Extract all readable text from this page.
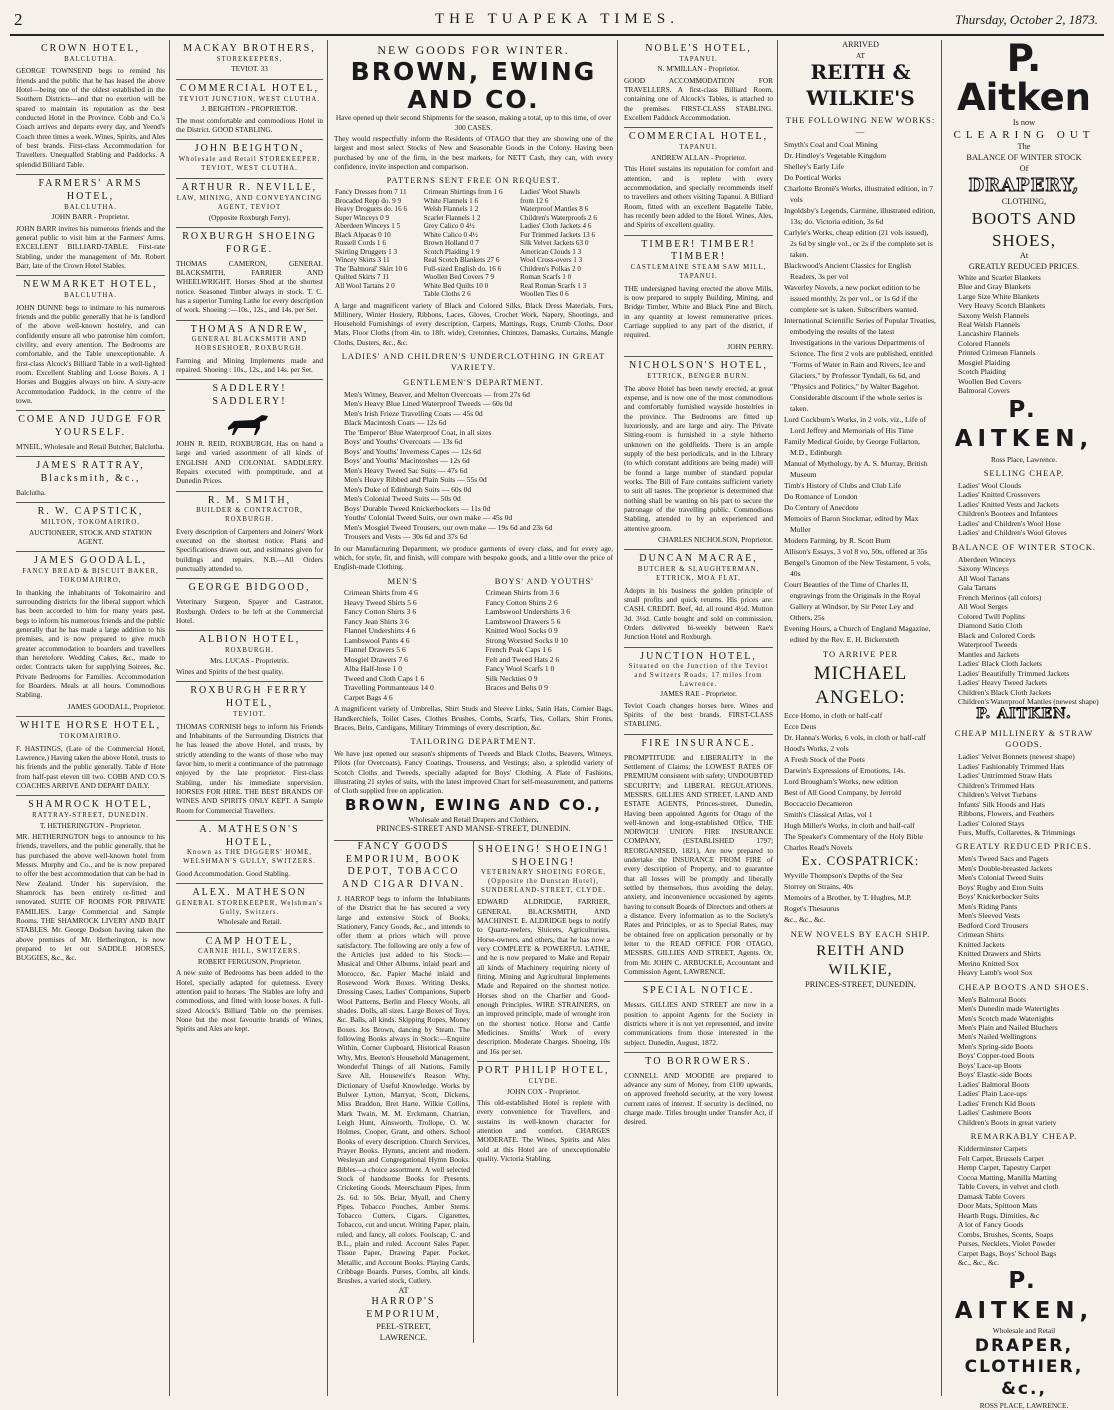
2	THE TUAPEKA TIMES.	Thursday, October 2, 1873.
CROWN HOTEL,
BALCLUTHA.
GEORGE TOWNSEND begs to remind his friends and the public that he has leased the above Hotel—being one of the oldest established in the Southern Districts—and that no exertion will be spared to maintain its reputation as the best conducted Hotel in the Province. Cobb and Co.'s Coach arrives and departs every day, and Yeend's Coach three times a week. Wines, Spirits, and Ales of best brands. First-class Accommodation for Travellers. Unequalled Stabling and Paddocks. A splendid Billiard Table.
FARMERS' ARMS HOTEL,
BALCLUTHA.
JOHN BARR - Proprietor.
JOHN BARR invites his numerous friends and the general public to visit him at the Farmers' Arms. EXCELLENT BILLIARD-TABLE. First-rate Stabling, under the management of Mr. Robert Barr, late of the Crown Hotel Stables.
NEWMARKET HOTEL,
BALCLUTHA.
JOHN DUNNE begs to intimate to his numerous friends and the public generally that he is landlord of the above well-known hostelry, and can confidently ensure all who patronise him comfort, civility, and every attention. The Bedrooms are comfortable, and the Table unexceptionable. A first-class Alcock's Billiard Table in a well-lighted room. Excellent Stabling and Loose Boxes. A 1 Horses and Buggies always on hire. A sixty-acre Accommodation Paddock, in the centre of the town.
COME AND JUDGE FOR YOURSELF.
M'NEIL, Wholesale and Retail Butcher, Balclutha.
JAMES RATTRAY, Blacksmith, &c.,
Balclutha.
R. W. CAPSTICK,
MILTON, TOKOMAIRIRO,
AUCTIONEER, STOCK AND STATION AGENT.
JAMES GOODALL,
FANCY BREAD & BISCUIT BAKER, TOKOMAIRIRO,
In thanking the inhabitants of Tokomairiro and surrounding districts for the liberal support which has been accorded to him for many years past, begs to inform his numerous friends and the public generally that he has made a large addition to his premises, and is now prepared to give much greater accommodation to boarders and travellers than heretofore. Wedding Cakes, &c., made to order. Contracts taken for supplying Soirees, &c. Private Bedrooms for Families. Accommodation for Boarders. Meals at all hours. Commodious Stabling.
JAMES GOODALL, Proprietor.
WHITE HORSE HOTEL,
TOKOMAIRIRO.
F. HASTINGS, (Late of the Commercial Hotel, Lawrence,) Having taken the above Hotel, trusts to his friends and the public generally. Table d' Hote from half-past eleven till two. COBB AND CO.'S COACHES ARRIVE AND DEPART DAILY.
SHAMROCK HOTEL,
RATTRAY-STREET, DUNEDIN.
T. HETHERINGTON - Proprietor.
MR. HETHERINGTON begs to announce to his friends, travellers, and the public generally, that he has purchased the above well-known hotel from Messrs. Murphy and Co., and he is now prepared to offer the best accommodation that can be had in New Zealand. Under his supervision, the Shamrock has been entirely re-fitted and renovated. SUITE OF ROOMS FOR PRIVATE FAMILIES. Large Commercial and Sample Rooms. THE SHAMROCK LIVERY AND BAIT STABLES. Mr. George Dodson having taken the above premises of Mr. Hetherington, is now prepared to let out SADDLE HORSES, BUGGIES, &c., &c.
MACKAY BROTHERS,
STOREKEEPERS,
TEVIOT. 33
COMMERCIAL HOTEL,
TEVIOT JUNCTION, WEST CLUTHA.
J. BEIGHTON - PROPRIETOR.
The most comfortable and commodious Hotel in the District. GOOD STABLING.
JOHN BEIGHTON,
Wholesale and Retail STOREKEEPER, TEVIOT, WEST CLUTHA.
ARTHUR R. NEVILLE,
LAW, MINING, AND CONVEYANCING AGENT, TEVIOT
(Opposite Roxburgh Ferry).
ROXBURGH SHOEING FORGE.
THOMAS CAMERON, GENERAL BLACKSMITH, FARRIER AND WHEELWRIGHT. Horses Shod at the shortest notice. Seasoned Timber always in stock. T. C. has a superior Turning Lathe for every description of work. Shoeing :—10s., 12s., and 14s. per Set.
THOMAS ANDREW,
GENERAL BLACKSMITH AND HORSESHOER, ROXBURGH.
Farming and Mining Implements made and repaired. Shoeing : 10s., 12s., and 14s. per Set.
SADDLERY! SADDLERY!
JOHN R. REID, ROXBURGH, Has on hand a large and varied assortment of all kinds of ENGLISH AND COLONIAL SADDLERY. Repairs executed with promptitude, and at Dunedin Prices.
R. M. SMITH,
BUILDER & CONTRACTOR, ROXBURGH.
Every description of Carpenters and Joiners' Work executed on the shortest notice. Plans and Specifications drawn out, and estimates given for buildings and repairs. N.B.—All Orders punctually attended to.
GEORGE BIDGOOD,
Veterinary Surgeon, Spayer and Castrator, Roxburgh. Orders to be left at the Commercial Hotel.
ALBION HOTEL,
ROXBURGH.
Mrs. LUCAS - Proprietrix.
Wines and Spirits of the best quality.
ROXBURGH FERRY HOTEL,
TEVIOT.
THOMAS CORNISH begs to inform his Friends and Inhabitants of the Surrounding Districts that he has leased the above Hotel, and trusts, by strictly attending to the wants of those who may favor him, to merit a continuance of the patronage enjoyed by the late proprietor. First-class Stabling, under his immediate supervision. HORSES FOR HIRE. THE BEST BRANDS OF WINES AND SPIRITS ONLY KEPT. A Sample Room for Commercial Travellers.
A. MATHESON'S HOTEL,
Known as THE DIGGERS' HOME, WELSHMAN'S GULLY, SWITZERS.
Good Accommodation. Good Stabling.
ALEX. MATHESON
GENERAL STOREKEEPER, Welshman's Gully, Switzers.
Wholesale and Retail.
CAMP HOTEL,
CARNIE HILL, SWITZERS.
ROBERT FERGUSON, Proprietor.
A new suite of Bedrooms has been added to the Hotel, specially adapted for quietness. Every attention paid to horses. The Stables are lofty and commodious, and fitted with loose boxes. A full-sized Alcock's Billiard Table on the premises. None but the most favourite brands of Wines, Spirits and Ales are kept.
NEW GOODS FOR WINTER.
BROWN, EWING AND CO.
Have opened up their second Shipments for the season, making a total, up to this time, of over 300 CASES.
They would respectfully inform the Residents of OTAGO that they are showing one of the largest and most select Stocks of New and Seasonable Goods in the Colony. Having been purchased by one of the firm, in the best markets, for NETT Cash, they can, with every confidence, invite inspection and comparison.
PATTERNS SENT FREE ON REQUEST.
Fancy Dresses from 7 11	Crimean Shirtings from 1 6	Ladies' Wool Shawls
Brocaded Repp do. 9 9	White Flannels 1 6	from 12 6
Heavy Droguets do. 16 6	Welsh Flannels 1 2	Waterproof Mantles 8 6
Super Winceys 0 9	Scarlet Flannels 1 2	Children's Waterproofs 2 6
Aberdeen Winceys 1 5	Grey Calico 0 4½	Ladies' Cloth Jackets 4 6
Black Alpacas 0 10	White Calico 0 4½	Fur Trimmed Jackets 13 6
Russell Cords 1 6	Brown Holland 0 7	Silk Velvet Jackets 63 0
Skirting Druggets 1 3	Scotch Plaiding 1 9	American Clouds 1 3
Wincey Skirts 3 11	Real Scotch Blankets 27 6	Wool Cross-overs 1 3
The 'Balmoral' Skirt 10 6	Full-sized English do. 16 6	Children's Polkas 2 0
Quilted Skirts 7 11	Woollen Bed Covers 7 9	Roman Scarfs 1 0
All Wool Tartans 2 0	White Bed Quilts 10 0	Real Roman Scarfs 1 3
	Table Cloths 2 6	Woollen Ties 0 6
A large and magnificent variety of Black and Colored Silks, Black Dress Materials, Furs, Millinery, Winter Hosiery, Ribbons, Laces, Gloves, Crochet Work, Napery, Shootings, and Household Furnishings of every description, Carpets, Mattings, Rugs, Crumb Cloths, Door Mats, Floor Cloths (from 4in. to 18ft. wide), Cretonnes, Chintzes, Damasks, Curtains, Mangle Cloths, Dusters, &c., &c.
LADIES' AND CHILDREN'S UNDERCLOTHING IN GREAT VARIETY.
GENTLEMEN'S DEPARTMENT.
Men's Witney, Beaver, and Melton Overcoats — from 27s 6d
Men's Heavy Blue Lined Waterproof Tweeds — 60s 0d
Men's Irish Frieze Travelling Coats — 45s 0d
Black Macintosh Coats — 12s 6d
The 'Emperor' Blue Waterproof Coat, in all sizes
Boys' and Youths' Overcoats — 13s 6d
Boys' and Youths' Inverness Capes — 12s 6d
Boys' and Youths' Macintoshes — 12s 6d
Men's Heavy Tweed Sac Suits — 47s 6d
Men's Heavy Ribbed and Plain Suits — 55s 0d
Men's Duke of Edinburgh Suits — 60s 0d
Men's Colonial Tweed Suits — 50s 0d
Boys' Durable Tweed Knickerbockers — 11s 0d
Youths' Colonial Tweed Suits, our own make — 45s 0d
Men's Mosgiel Tweed Trousers, our own make — 19s 6d and 23s 6d
Trousers and Vests — 30s 6d and 37s 6d
In our Manufacturing Department, we produce garments of every class, and for every age, which, for style, fit, and finish, will compare with bespoke goods, and a little over the price of English-made Clothing.
MEN'S
Crimean Shirts from 4 6
Heavy Tweed Shirts 5 6
Fancy Cotton Shirts 3 6
Fancy Jean Shirts 3 6
Flannel Undershirts 4 6
Lambswool Pants 4 6
Flannel Drawers 5 6
Mosgiel Drawers 7 6
Alba Half-hose 1 0
Tweed and Cloth Caps 1 6
Travelling Portmanteaus 14 0
Carpet Bags 4 6
BOYS' AND YOUTHS'
Crimean Shirts from 3 6
Fancy Cotton Shirts 2 6
Lambswool Undershirts 3 6
Lambswool Drawers 5 6
Knitted Wool Socks 0 9
Strong Worsted Socks 0 10
French Peak Caps 1 6
Felt and Tweed Hats 2 6
Fancy Wool Scarfs 1 0
Silk Neckties 0 9
Braces and Belts 0 9
A magnificent variety of Umbrellas, Shirt Studs and Sleeve Links, Satin Hats, Cornier Bags, Handkerchiefs, Toilet Cases, Clothes Brushes, Combs, Scarfs, Ties, Collars, Shirt Fronts, Braces, Belts, Cardigans, Military Trimmings of every description, &c.
TAILORING DEPARTMENT.
We have just opened our season's shipments of Tweeds and Black Cloths, Beavers, Witneys, Pilots (for Overcoats), Fancy Coatings, Trouserss, and Vestings; also, a splendid variety of Scotch Cloths and Tweeds, specially adapted for Boys' Clothing. A Plate of Fashions, illustrating 21 styles of suits, with the latest improved Chart for self-measurement, and patterns of Cloth supplied free on application.
BROWN, EWING AND CO.,
Wholesale and Retail Drapers and Clothiers,
PRINCES-STREET AND MANSE-STREET, DUNEDIN.
FANCY GOODS EMPORIUM, BOOK DEPOT, TOBACCO AND CIGAR DIVAN.
J. HARROP begs to inform the Inhabitants of the District that he has secured a very large and extensive Stock of Books, Stationery, Fancy Goods, &c., and intends to offer them at prices which will prove satisfactory. The following are only a few of the Articles just added to his Stock:— Musical and Other Albums, inlaid pearl and Morocco, &c. Papier Maché inlaid and Rosewood Work Boxes. Writing Desks, Dressing Cases, Ladies' Companions, Superb Wool Patterns, Berlin and Fleecy Wools, all shades. Dolls, all sizes. Large Boxes of Toys, &c. Balls, all kinds. Skipping Ropes, Money Boxes. Jos Brown, dancing by Steam. The following Books always in Stock:—Enquire Within, Corner Cupboard, Historical Reason Why, Mrs. Beeton's Household Management, Wonderful Things of all Nations, Family Save All, Housewife's Reason Why, Dictionary of Useful Knowledge. Works by Bulwer Lytton, Marryat, Scott, Dickens, Miss Braddon, Bret Harte, Wilkie Collins, Mark Twain, M. M. Erckmann, Chatrian, Leigh Hunt, Ainsworth, Trollope, O. W. Holmes, Cooper, Grant, and others. School Books of every description. Church Services, Prayer Books. Hymns, ancient and modern. Wesleyan and Congregational Hymn Books. Bibles—a choice assortment. A well selected Stock of handsome Books for Presents. Cricketing Goods. Meerschaum Pipes, from 2s. 6d. to 50s. Briar, Myall, and Cherry Pipes. Tobacco Pouches, Amber Stems. Tobacco Cutters, Cigars. Cigarettes, Tobacco, cut and uncut. Writing Paper, plain, ruled, and fancy, all colors. Foolscap, C. and B.L., plain and ruled. Account Sales Paper. Tissue Paper, Drawing Paper. Pocket, Metallic, and Account Books. Playing Cards, Cribbage Boards. Purses, Combs, all kinds. Brushes, a varied stock, Cutlery.
AT
HARROP'S EMPORIUM,
PEEL-STREET,
LAWRENCE.
SHOEING! SHOEING! SHOEING!
VETERINARY SHOEING FORGE, (Opposite the Dunstan Hotel), SUNDERLAND-STREET, CLYDE.
EDWARD ALDRIDGE, FARRIER, GENERAL BLACKSMITH, AND MACHINIST. E. ALDRIDGE begs to notify to Quartz-reefers, Sluicers, Agriculturists, Horse-owners, and others, that he has now a very COMPLETE & POWERFUL LATHE, and he is now prepared to Make and Repair all kinds of Machinery requiring nicety of fitting. Mining and Agricultural Implements Made and Repaired on the shortest notice. Horses shod on the Charlier and Good-enough Principles. WIRE STRAINERS, on an improved principle, made of wrought iron on the shortest notice. Horse and Cattle Medicines. Smiths' Work of every description. Moderate Charges. Shoeing, 10s and 16s per set.
PORT PHILIP HOTEL,
CLYDE.
JOHN COX - Proprietor.
This old-established Hotel is replete with every convenience for Travellers, and sustains its well-known character for attention and comfort. CHARGES MODERATE. The Wines, Spirits and Ales sold at this Hotel are of unexceptionable quality. Victoria Stabling.
NOBLE'S HOTEL,
TAPANUI.
N. M'MILLAN - Proprietor.
GOOD ACCOMMODATION FOR TRAVELLERS. A first-class Billiard Room, containing one of Alcock's Tables, is attached to the premises. FIRST-CLASS STABLING. Excellent Paddock Accommodation.
COMMERCIAL HOTEL,
TAPANUI.
ANDREW ALLAN - Proprietor.
This Hotel sustains its reputation for comfort and attention, and is replete with every accommodation, and specially recommends itself to travellers and others visiting Tapanui. A Billiard Room, fitted with an excellent Bagatelle Table, has recently been added to the Hotel. Wines, Ales, and Spirits of excellent quality.
TIMBER! TIMBER! TIMBER!
CASTLEMAINE STEAM SAW MILL, TAPANUI.
THE undersigned having erected the above Mills, is now prepared to supply Building, Mining, and Bridge Timber, White and Black Pine and Birch, in any quantity at lowest remunerative prices. Carriage supplied to any part of the district, if required.
JOHN PERRY.
NICHOLSON'S HOTEL,
ETTRICK, BENGER BURN.
The above Hotel has been newly erected, at great expense, and is now one of the most commodious and comfortably furnished wayside hostelries in the province. The Bedrooms are fitted up luxuriously, and are large and airy. The Private Sitting-room is furnished in a style hitherto unknown on the goldfields. There is an ample supply of the best periodicals, and in the Library (to which constant additions are being made) will be found a large number of standard popular works. The Bill of Fare contains sufficient variety to suit all tastes. The proprietor is determined that nothing shall be wanting on his part to secure the patronage of the travelling public. Commodious Stabling, attended to by an experienced and attentive groom.
CHARLES NICHOLSON, Proprietor.
DUNCAN MACRAE,
BUTCHER & SLAUGHTERMAN, ETTRICK, MOA FLAT,
Adopts in his business the golden principle of small profits and quick returns. His prices are: CASH. CREDIT. Beef, 4d. all round 4½d. Mutton 3d. 3½d. Cattle bought and sold on commission. Orders delivered bi-weekly between Rae's Junction Hotel and Roxburgh.
JUNCTION HOTEL,
Situated on the Junction of the Teviot and Switzers Roads, 17 miles from Lawrence.
JAMES RAE - Proprietor.
Teviot Coach changes horses here. Wines and Spirits of the best brands. FIRST-CLASS STABLING.
FIRE INSURANCE.
PROMPTITUDE and LIBERALITY in the Settlement of Claims; the LOWEST RATES OF PREMIUM consistent with safety; UNDOUBTED SECURITY; and LIBERAL REGULATIONS. MESSRS. GILLIES AND STREET, LAND AND ESTATE AGENTS, Princes-street, Dunedin, Having been appointed Agents for Otago of the well-known and long-established Office, THE NORWICH UNION FIRE INSURANCE COMPANY, (ESTABLISHED 1797; REORGANISED, 1821), Are now prepared to undertake the INSURANCE FROM FIRE of every description of Property, and to guarantee that all losses will be promptly and liberally settled by themselves, thus avoiding the delay, anxiety, and inconvenience occasioned by agents having to consult Boards of Directors and others at a distance. Every information as to the Society's Rates and Principles, or as to Special Rates, may be obtained free on application personally or by letter to the READ OFFICE FOR OTAGO, MESSRS. GILLIES AND STREET, Agents. Or, from Mr. JOHN C. ARBUCKLE, Accountant and Commission Agent, LAWRENCE.
SPECIAL NOTICE.
Messrs. GILLIES AND STREET are now in a position to appoint Agents for the Society in districts where it is not yet represented, and invite communications from those interested in the subject. Dunedin, August, 1872.
TO BORROWERS.
CONNELL AND MOODIE are prepared to advance any sum of Money, from £100 upwards, on approved freehold security, at the very lowest current rates of interest. If security is declined, no charge made. Titles brought under Transfer Act, if desired.
ARRIVED
AT
REITH & WILKIE'S
THE FOLLOWING NEW WORKS:—
Smyth's Coal and Coal Mining
Dr. Hindley's Vegetable Kingdom
Shelley's Early Life
Do Poetical Works
Charlotte Brontë's Works, illustrated edition, in 7 vols
Ingoldsby's Legends, Carmine, illustrated edition, 13s; do. Victoria edition, 3s 6d
Carlyle's Works, cheap edition (21 vols issued), 2s 6d by single vol., or 2s if the complete set is taken.
Blackwood's Ancient Classics for English Readers, 3s per vol
Waverley Novels, a new pocket edition to be issued monthly, 2s per vol., or 1s 6d if the complete set is taken. Subscribers wanted.
International Scientific Series of Popular Treaties, embodying the results of the latest Investigations in the various Departments of Science. The first 2 vols are published, entitled "Forms of Water in Rain and Rivers, Ice and Glaciers," by Professor Tyndall, 6s 6d, and "Physics and Politics," by Walter Bagehot. Considerable discount if the whole series is taken.
Lord Cockburn's Works, in 2 vols, viz., Life of Lord Jeffrey and Memorials of His Time
Family Medical Guide, by George Fullarton, M.D., Edinburgh
Manual of Mythology, by A. S. Murray, British Museum
Timb's History of Clubs and Club Life
Do Romance of London
Do Century of Anecdote
Memoirs of Baron Stockmar, edited by Max Muller
Modern Farming, by R. Scott Burn
Allison's Essays, 3 vol 8 vo, 50s, offered at 35s
Bengel's Gnomon of the New Testament, 5 vols, 40s
Court Beauties of the Time of Charles II, engravings from the Originals in the Royal Gallery at Windsor, by Sir Peter Ley and Others, 25s
Evening Hours, a Church of England Magazine, edited by the Rev. E. H. Bickersteth
TO ARRIVE PER
MICHAEL ANGELO:
Ecce Homo, in cloth or half-calf
Ecce Deus
Dr. Hanna's Works, 6 vols, in cloth or half-calf
Hood's Works, 2 vols
A Fresh Stock of the Poets
Darwin's Expressions of Emotions, 14s.
Lord Brougham's Works, new edition
Best of All Good Company, by Jerrold
Boccaccio Decameron
Smith's Classical Atlas, vol 1
Hugh Miller's Works, in cloth and half-calf
The Speaker's Commentary of the Holy Bible
Charles Read's Novels
Ex. COSPATRICK:
Wyville Thompson's Depths of the Sea
Storrey on Strains, 40s
Memoirs of a Brother, by T. Hughes, M.P.
Roget's Thesaurus
&c., &c., &c.
NEW NOVELS BY EACH SHIP.
REITH AND WILKIE,
PRINCES-STREET, DUNEDIN.
P. Aitken
Is now
CLEARING OUT
The
BALANCE OF WINTER STOCK
Of
DRAPERY,
CLOTHING,
BOOTS AND SHOES,
At
GREATLY REDUCED PRICES.
White and Scarlet Blankets
Blue and Gray Blankets
Large Size White Blankets
Very Heavy Scotch Blankets
Saxony Welsh Flannels
Real Welsh Flannels
Lancashire Flannels
Colored Flannels
Printed Crimean Flannels
Mosgiel Plaiding
Scotch Plaiding
Woollen Bed Covers
Balmoral Covers
P. AITKEN,
Ross Place, Lawrence.
SELLING CHEAP.
Ladies' Wool Clouds
Ladies' Knitted Crossovers
Ladies' Knitted Vests and Jackets
Children's Bootees and Infantees
Ladies' and Children's Wool Hose
Ladies' and Children's Wool Gloves
BALANCE OF WINTER STOCK.
Aberdeen Winceys
Saxony Winceys
All Wool Tartans
Gala Tartans
French Merinos (all colors)
All Wool Serges
Colored Twill Poplins
Diamond Satin Cloth
Black and Colored Cords
Waterproof Tweeds
Mantles and Jackets
Ladies' Black Cloth Jackets
Ladies' Beautifully Trimmed Jackets
Ladies' Heavy Tweed Jackets
Children's Black Cloth Jackets
Children's Waterproof Mantles (newest shape)
P. AITKEN.
CHEAP MILLINERY & STRAW GOODS.
Ladies' Velvet Bonnets (newest shape)
Ladies' Fashionably Trimmed Hats
Ladies' Untrimmed Straw Hats
Children's Trimmed Hats
Children's Velvet Turbans
Infants' Silk Hoods and Hats
Ribbons, Flowers, and Feathers
Ladies' Colored Stays
Furs, Muffs, Collarettes, & Trimmings
GREATLY REDUCED PRICES.
Men's Tweed Sacs and Pagets
Men's Double-breasted Jackets
Men's Colonial Tweed Suits
Boys' Rugby and Eton Suits
Boys' Knickerbocker Suits
Men's Riding Pants
Men's Sleeved Vests
Bedford Cord Trousers
Crimean Shirts
Knitted Jackets
Knitted Drawers and Shirts
Merino Knitted Sox
Heavy Lamb's wool Sox
CHEAP BOOTS AND SHOES.
Men's Balmoral Boots
Men's Dunedin made Watertights
Men's Scotch made Watertights
Men's Plain and Nailed Bluchers
Men's Nailed Wellingtons
Men's Spring-side Boots
Boys' Copper-toed Boots
Boys' Lace-up Boots
Boys' Elastic-side Boots
Ladies' Balmoral Boots
Ladies' Plain Lace-ups
Ladies' French Kid Boots
Ladies' Cashmere Boots
Children's Boots in great variety
REMARKABLY CHEAP.
Kidderminster Carpets
Felt Carpet, Brussels Carpet
Hemp Carpet, Tapestry Carpet
Cocoa Matting, Manilla Matting
Table Covers, in velvet and cloth
Damask Table Covers
Door Mats, Spittoon Mats
Hearth Rugs, Dimities, &c
A lot of Fancy Goods
Combs, Brushes, Scents, Soaps
Purses, Necklets, Violet Powder
Carpet Bags, Boys' School Bags
&c., &c., &c.
P. AITKEN,
Wholesale and Retail
DRAPER, CLOTHIER, &c.,
ROSS PLACE, LAWRENCE.
